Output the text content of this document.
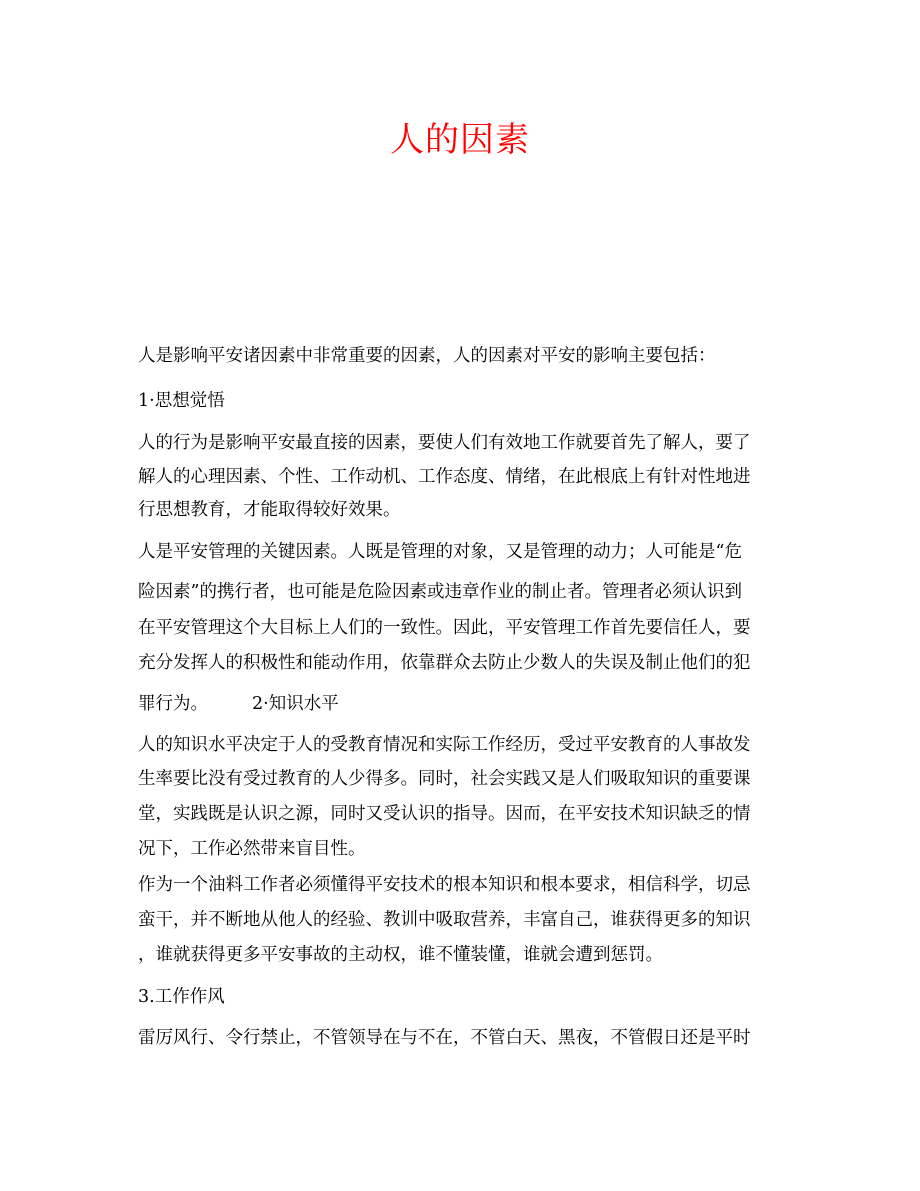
人的因素

人是影响平安诸因素中非常重要的因素，人的因素对平安的影响主要包括：

1·思想觉悟

人的行为是影响平安最直接的因素，要使人们有效地工作就要首先了解人，要了

解人的心理因素、个性、工作动机、工作态度、情绪，在此根底上有针对性地进

行思想教育，才能取得较好效果。

人是平安管理的关键因素。人既是管理的对象，又是管理的动力；人可能是“危

险因素”的携行者，也可能是危险因素或违章作业的制止者。管理者必须认识到

在平安管理这个大目标上人们的一致性。因此，平安管理工作首先要信任人，要

充分发挥人的积极性和能动作用，依靠群众去防止少数人的失误及制止他们的犯

罪行为。	2·知识水平

人的知识水平决定于人的受教育情况和实际工作经历，受过平安教育的人事故发

生率要比没有受过教育的人少得多。同时，社会实践又是人们吸取知识的重要课

堂，实践既是认识之源，同时又受认识的指导。因而，在平安技术知识缺乏的情

况下，工作必然带来盲目性。

作为一个油料工作者必须懂得平安技术的根本知识和根本要求，相信科学，切忌

蛮干，并不断地从他人的经验、教训中吸取营养，丰富自己，谁获得更多的知识

，谁就获得更多平安事故的主动权，谁不懂装懂，谁就会遭到惩罚。

3.工作作风

雷厉风行、令行禁止，不管领导在与不在，不管白天、黑夜，不管假日还是平时
